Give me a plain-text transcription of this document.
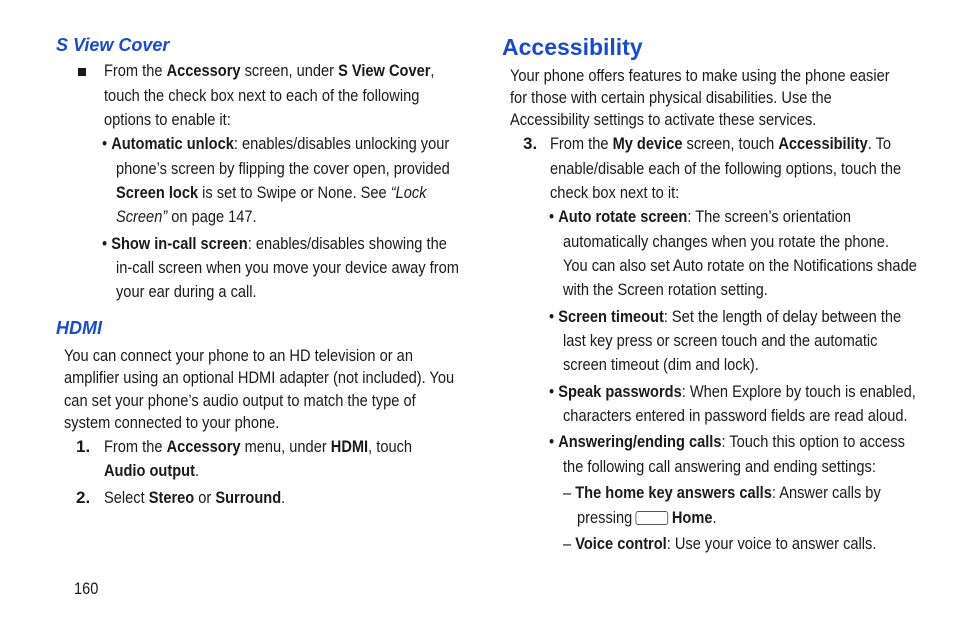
S View Cover
From the Accessory screen, under S View Cover,
touch the check box next to each of the following
options to enable it:
• Automatic unlock: enables/disables unlocking your
phone’s screen by flipping the cover open, provided
Screen lock is set to Swipe or None. See “Lock
Screen” on page 147.
• Show in-call screen: enables/disables showing the
in-call screen when you move your device away from
your ear during a call.
HDMI
You can connect your phone to an HD television or an
amplifier using an optional HDMI adapter (not included). You
can set your phone’s audio output to match the type of
system connected to your phone.
1. From the Accessory menu, under HDMI, touch
Audio output.
2. Select Stereo or Surround.
160
Accessibility
Your phone offers features to make using the phone easier
for those with certain physical disabilities. Use the
Accessibility settings to activate these services.
3. From the My device screen, touch Accessibility. To
enable/disable each of the following options, touch the
check box next to it:
• Auto rotate screen: The screen’s orientation
automatically changes when you rotate the phone.
You can also set Auto rotate on the Notifications shade
with the Screen rotation setting.
• Screen timeout: Set the length of delay between the
last key press or screen touch and the automatic
screen timeout (dim and lock).
• Speak passwords: When Explore by touch is enabled,
characters entered in password fields are read aloud.
• Answering/ending calls: Touch this option to access
the following call answering and ending settings:
– The home key answers calls: Answer calls by
pressing Home.
– Voice control: Use your voice to answer calls.
